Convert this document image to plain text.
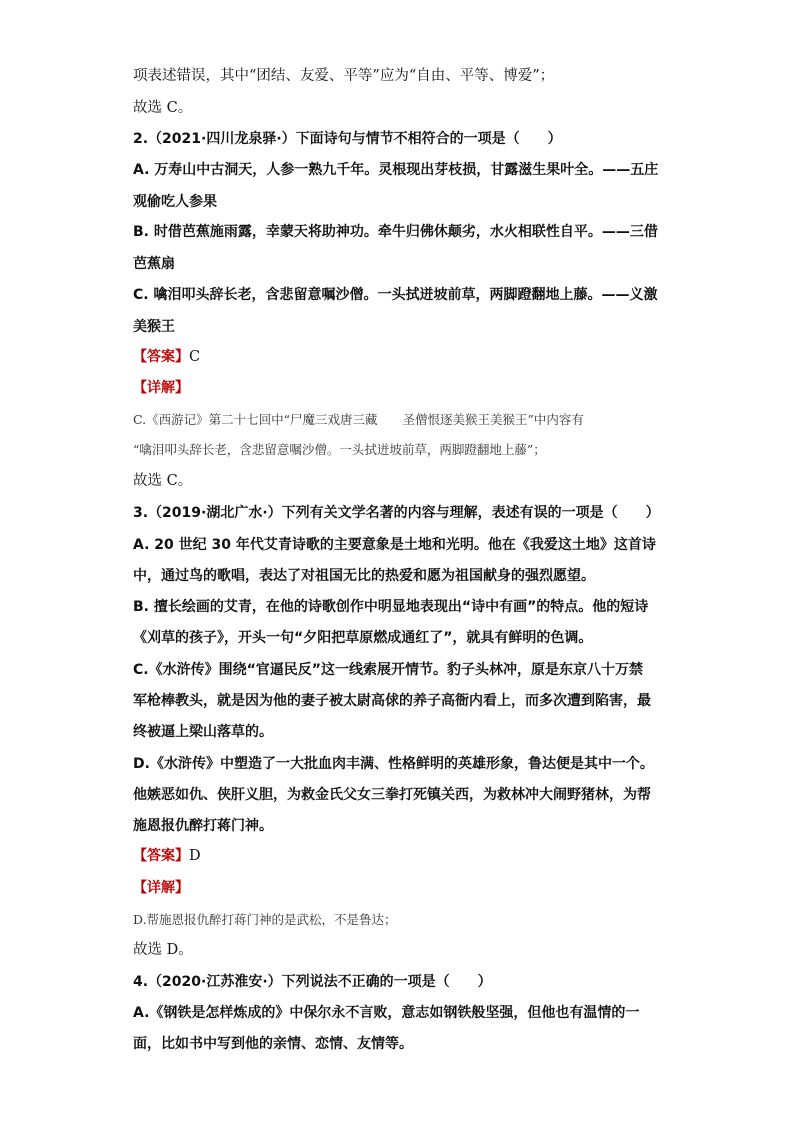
项表述错误，其中“团结、友爱、平等”应为“自由、平等、博爱”；
故选 C。
2.（2021·四川龙泉驿·）下面诗句与情节不相符合的一项是（　　）
A. 万寿山中古洞天，人参一熟九千年。灵根现出芽枝损，甘露滋生果叶全。——五庄
观偷吃人参果
B. 时借芭蕉施雨露，幸蒙天将助神功。牵牛归佛休颠劣，水火相联性自平。——三借
芭蕉扇
C. 噙泪叩头辞长老，含悲留意嘱沙僧。一头拭迸坡前草，两脚蹬翻地上藤。——义激
美猴王
【答案】C
【详解】
C.《西游记》第二十七回中“尸魔三戏唐三藏　　圣僧恨逐美猴王美猴王”中内容有
“噙泪叩头辞长老，含悲留意嘱沙僧。一头拭迸坡前草，两脚蹬翻地上藤”；
故选 C。
3.（2019·湖北广水·）下列有关文学名著的内容与理解，表述有误的一项是（　　）
A. 20 世纪 30 年代艾青诗歌的主要意象是土地和光明。他在《我爱这土地》这首诗
中，通过鸟的歌唱，表达了对祖国无比的热爱和愿为祖国献身的强烈愿望。
B. 擅长绘画的艾青，在他的诗歌创作中明显地表现出“诗中有画”的特点。他的短诗
《刈草的孩子》，开头一句“夕阳把草原燃成通红了”，就具有鲜明的色调。
C.《水浒传》围绕“官逼民反”这一线索展开情节。豹子头林冲，原是东京八十万禁
军枪棒教头，就是因为他的妻子被太尉高俅的养子高衙内看上，而多次遭到陷害，最
终被逼上梁山落草的。
D.《水浒传》中塑造了一大批血肉丰满、性格鲜明的英雄形象，鲁达便是其中一个。
他嫉恶如仇、侠肝义胆，为救金氏父女三拳打死镇关西，为救林冲大闹野猪林，为帮
施恩报仇醉打蒋门神。
【答案】D
【详解】
D.帮施恩报仇醉打蒋门神的是武松，不是鲁达；
故选 D。
4.（2020·江苏淮安·）下列说法不正确的一项是（　　）
A.《钢铁是怎样炼成的》中保尔永不言败，意志如钢铁般坚强，但他也有温情的一
面，比如书中写到他的亲情、恋情、友情等。
